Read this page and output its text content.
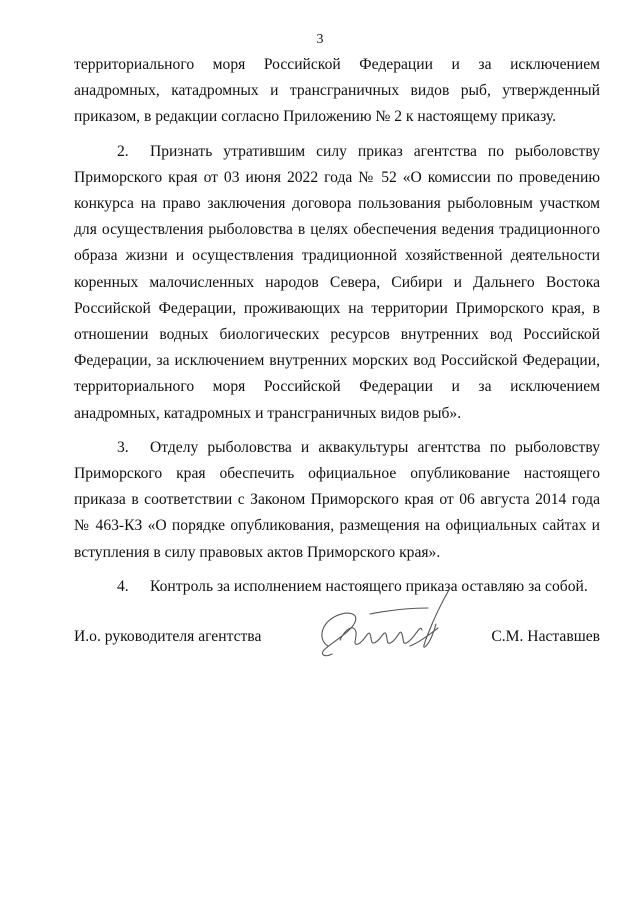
3

территориального моря Российской Федерации и за исключением анадромных, катадромных и трансграничных видов рыб, утвержденный приказом, в редакции согласно Приложению № 2 к настоящему приказу.

2. Признать утратившим силу приказ агентства по рыболовству Приморского края от 03 июня 2022 года № 52 «О комиссии по проведению конкурса на право заключения договора пользования рыболовным участком для осуществления рыболовства в целях обеспечения ведения традиционного образа жизни и осуществления традиционной хозяйственной деятельности коренных малочисленных народов Севера, Сибири и Дальнего Востока Российской Федерации, проживающих на территории Приморского края, в отношении водных биологических ресурсов внутренних вод Российской Федерации, за исключением внутренних морских вод Российской Федерации, территориального моря Российской Федерации и за исключением анадромных, катадромных и трансграничных видов рыб».

3. Отделу рыболовства и аквакультуры агентства по рыболовству Приморского края обеспечить официальное опубликование настоящего приказа в соответствии с Законом Приморского края от 06 августа 2014 года № 463-КЗ «О порядке опубликования, размещения на официальных сайтах и вступления в силу правовых актов Приморского края».

4. Контроль за исполнением настоящего приказа оставляю за собой.

И.о. руководителя агентства	С.М. Наставшев
